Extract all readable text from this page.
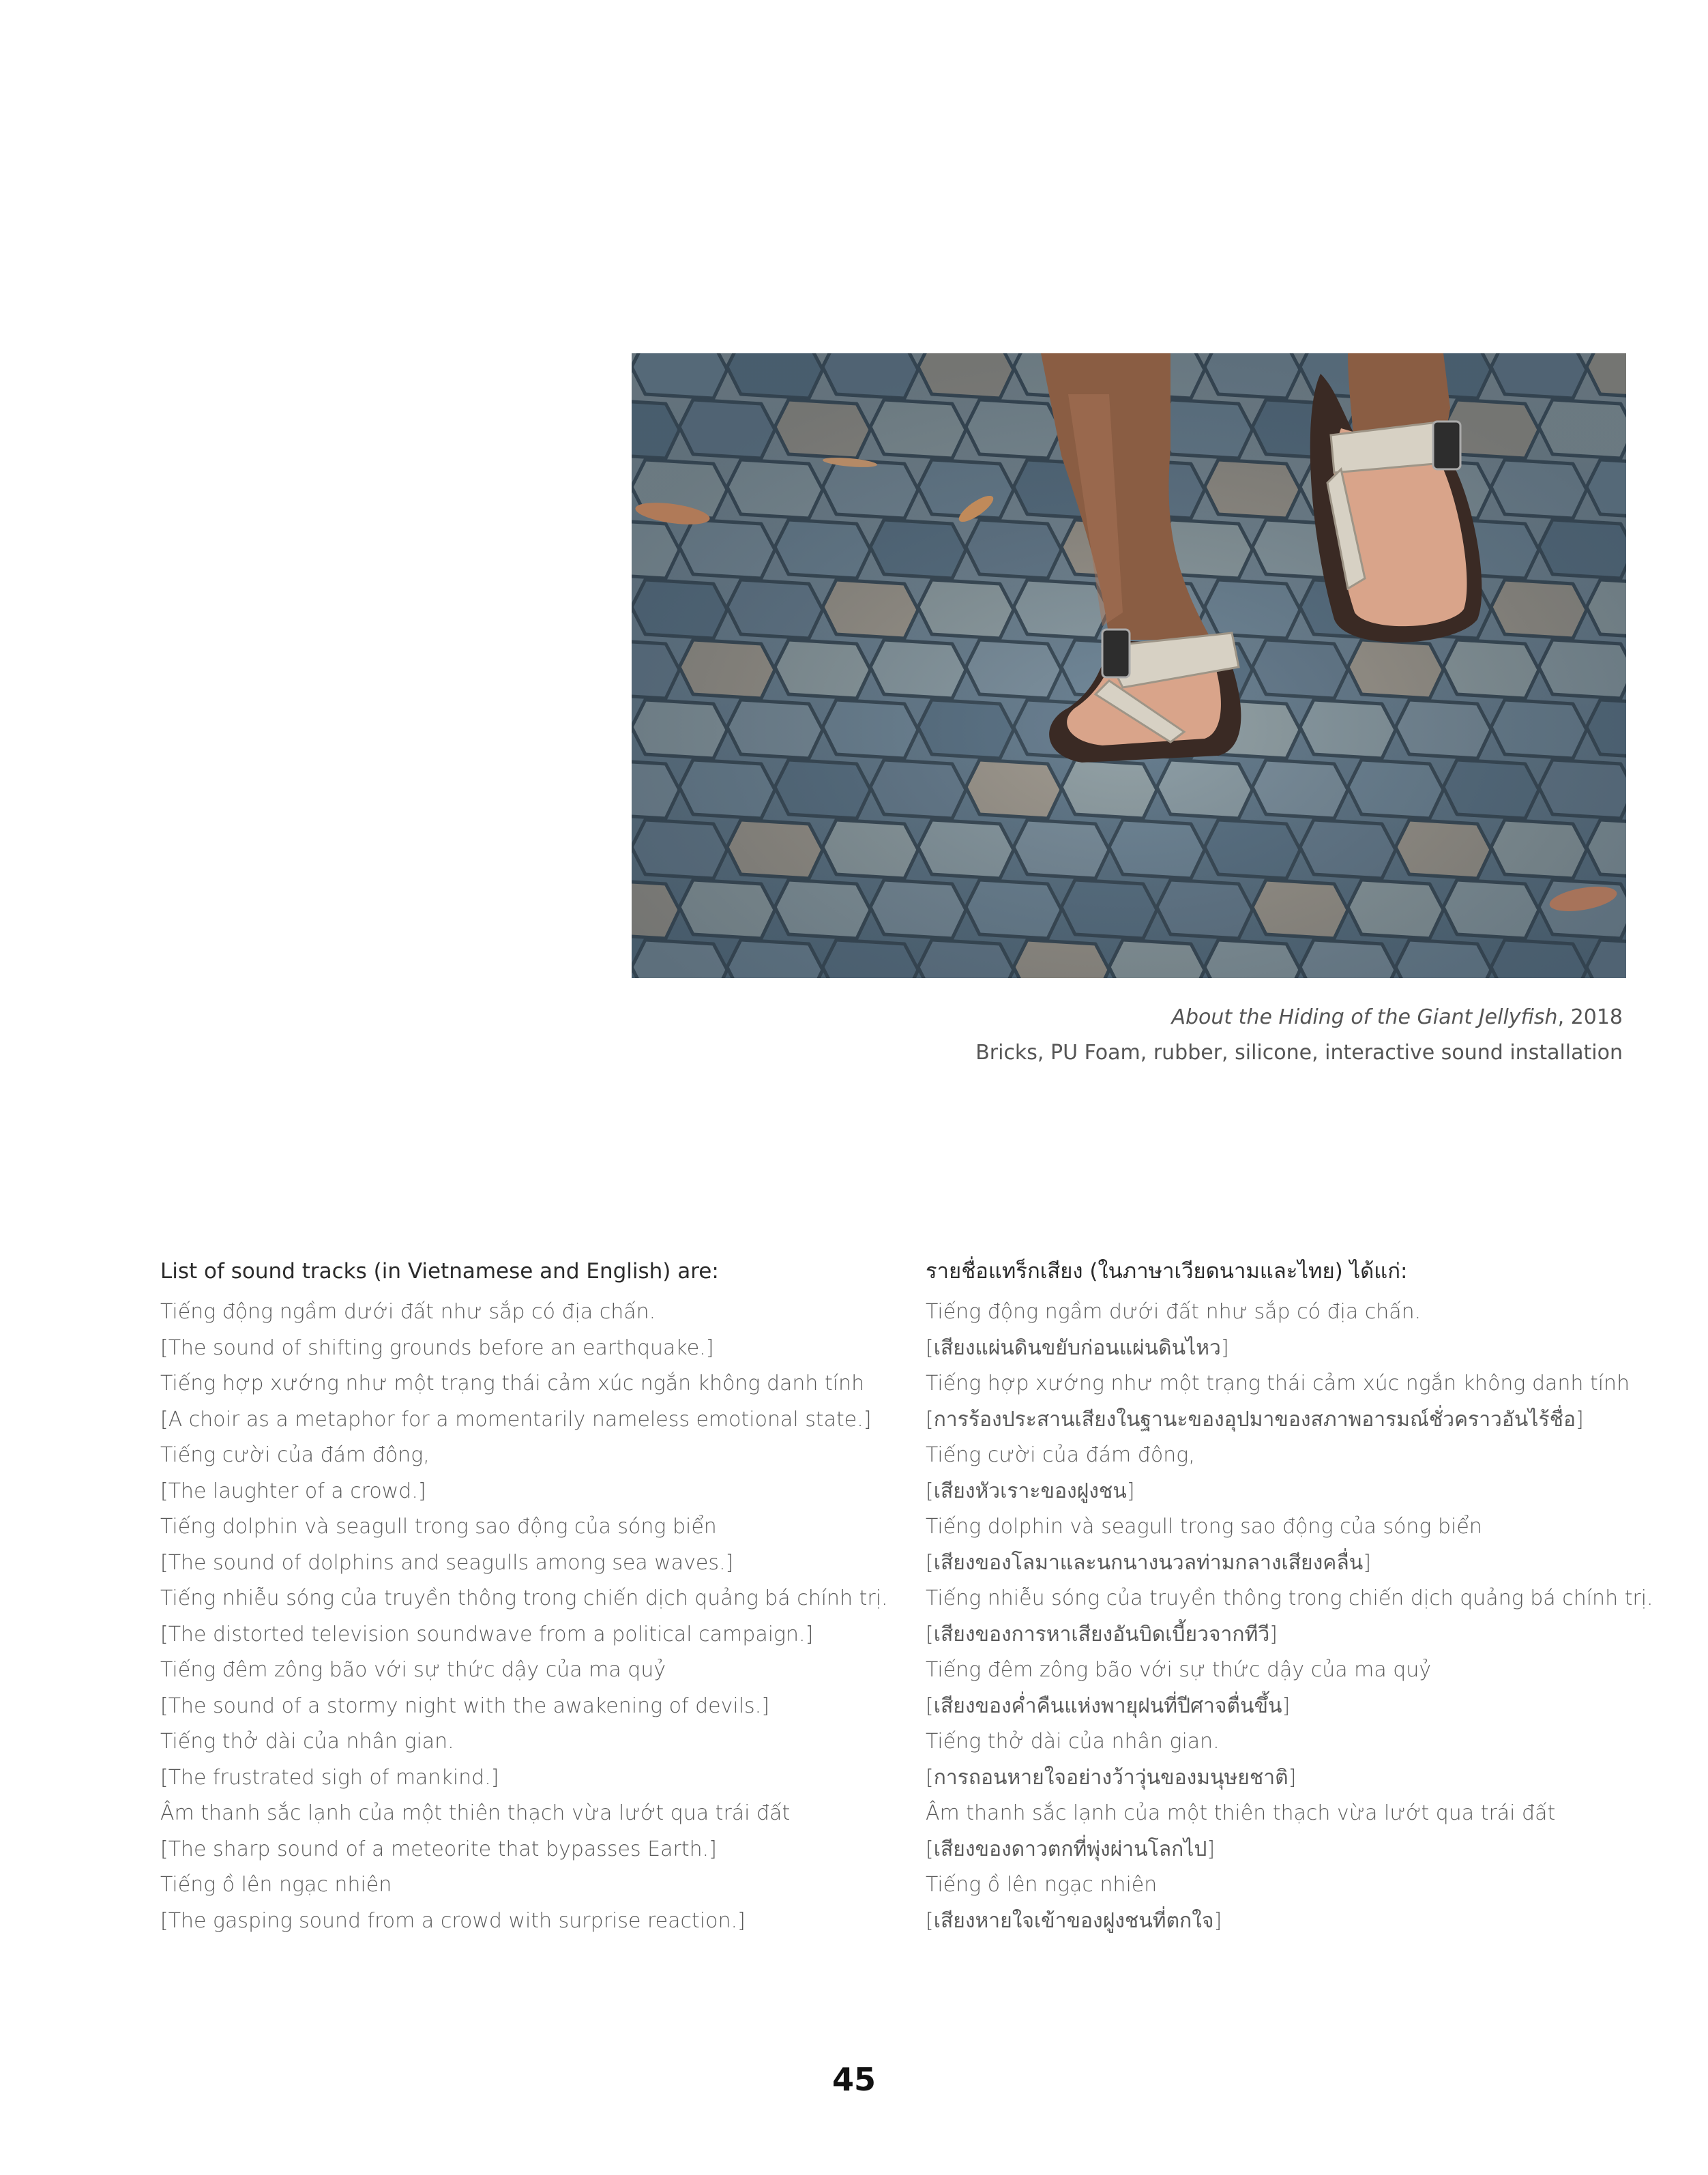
About the Hiding of the Giant Jellyfish, 2018
Bricks, PU Foam, rubber, silicone, interactive sound installation
List of sound tracks (in Vietnamese and English) are:
Tiếng động ngầm dưới đất như sắp có địa chấn.
[The sound of shifting grounds before an earthquake.]
Tiếng hợp xướng như một trạng thái cảm xúc ngắn không danh tính
[A choir as a metaphor for a momentarily nameless emotional state.]
Tiếng cười của đám đông,
[The laughter of a crowd.]
Tiếng dolphin và seagull trong sao động của sóng biển
[The sound of dolphins and seagulls among sea waves.]
Tiếng nhiễu sóng của truyền thông trong chiến dịch quảng bá chính trị.
[The distorted television soundwave from a political campaign.]
Tiếng đêm zông bão với sự thức dậy của ma quỷ
[The sound of a stormy night with the awakening of devils.]
Tiếng thở dài của nhân gian.
[The frustrated sigh of mankind.]
Âm thanh sắc lạnh của một thiên thạch vừa lướt qua trái đất
[The sharp sound of a meteorite that bypasses Earth.]
Tiếng ồ lên ngạc nhiên
[The gasping sound from a crowd with surprise reaction.]
รายชื่อแทร็กเสียง (ในภาษาเวียดนามและไทย) ได้แก่:
Tiếng động ngầm dưới đất như sắp có địa chấn.
[เสียงแผ่นดินขยับก่อนแผ่นดินไหว]
Tiếng hợp xướng như một trạng thái cảm xúc ngắn không danh tính
[การร้องประสานเสียงในฐานะของอุปมาของสภาพอารมณ์ชั่วคราวอันไร้ชื่อ]
Tiếng cười của đám đông,
[เสียงหัวเราะของฝูงชน]
Tiếng dolphin và seagull trong sao động của sóng biển
[เสียงของโลมาและนกนางนวลท่ามกลางเสียงคลื่น]
Tiếng nhiễu sóng của truyền thông trong chiến dịch quảng bá chính trị.
[เสียงของการหาเสียงอันบิดเบี้ยวจากทีวี]
Tiếng đêm zông bão với sự thức dậy của ma quỷ
[เสียงของค่ำคืนแห่งพายุฝนที่ปีศาจตื่นขึ้น]
Tiếng thở dài của nhân gian.
[การถอนหายใจอย่างว้าวุ่นของมนุษยชาติ]
Âm thanh sắc lạnh của một thiên thạch vừa lướt qua trái đất
[เสียงของดาวตกที่พุ่งผ่านโลกไป]
Tiếng ồ lên ngạc nhiên
[เสียงหายใจเข้าของฝูงชนที่ตกใจ]
45
